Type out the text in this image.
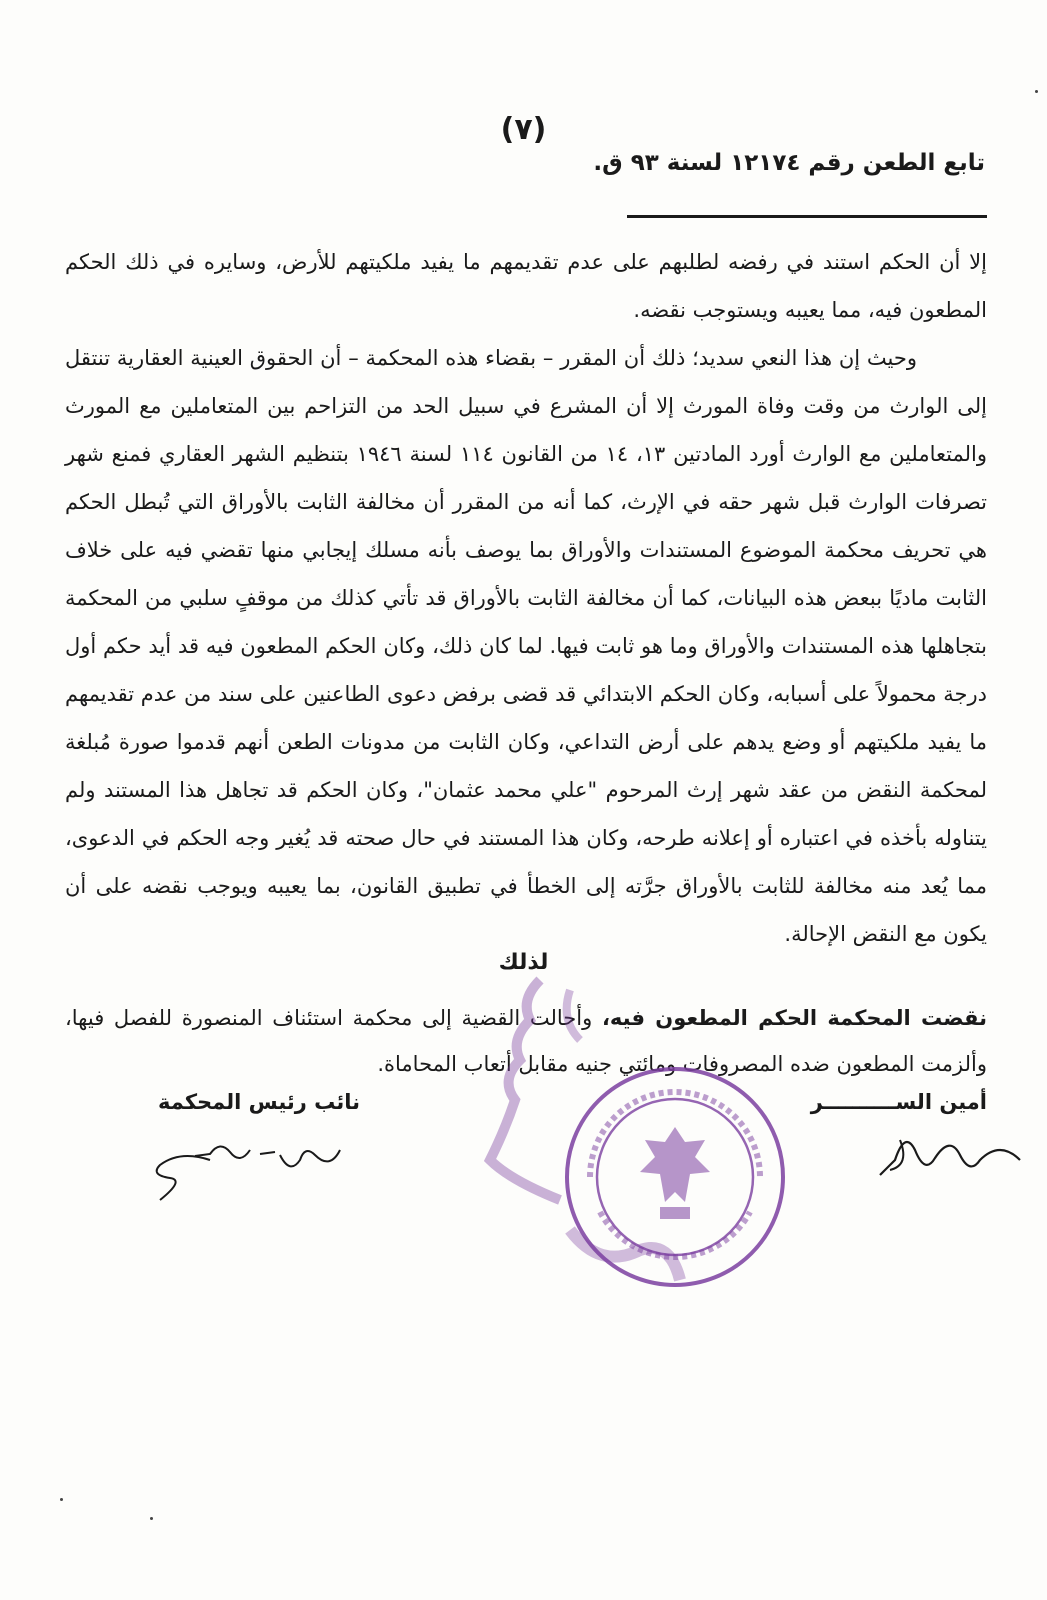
(٧)
تابع الطعن رقم ١٢١٧٤ لسنة ٩٣ ق.

إلا أن الحكم استند في رفضه لطلبهم على عدم تقديمهم ما يفيد ملكيتهم للأرض، وسايره في ذلك الحكم المطعون فيه، مما يعيبه ويستوجب نقضه.

وحيث إن هذا النعي سديد؛ ذلك أن المقرر – بقضاء هذه المحكمة – أن الحقوق العينية العقارية تنتقل إلى الوارث من وقت وفاة المورث إلا أن المشرع في سبيل الحد من التزاحم بين المتعاملين مع المورث والمتعاملين مع الوارث أورد المادتين ١٣، ١٤ من القانون ١١٤ لسنة ١٩٤٦ بتنظيم الشهر العقاري فمنع شهر تصرفات الوارث قبل شهر حقه في الإرث، كما أنه من المقرر أن مخالفة الثابت بالأوراق التي تُبطل الحكم هي تحريف محكمة الموضوع المستندات والأوراق بما يوصف بأنه مسلك إيجابي منها تقضي فيه على خلاف الثابت ماديًا ببعض هذه البيانات، كما أن مخالفة الثابت بالأوراق قد تأتي كذلك من موقفٍ سلبي من المحكمة بتجاهلها هذه المستندات والأوراق وما هو ثابت فيها. لما كان ذلك، وكان الحكم المطعون فيه قد أيد حكم أول درجة محمولاً على أسبابه، وكان الحكم الابتدائي قد قضى برفض دعوى الطاعنين على سند من عدم تقديمهم ما يفيد ملكيتهم أو وضع يدهم على أرض التداعي، وكان الثابت من مدونات الطعن أنهم قدموا صورة مُبلغة لمحكمة النقض من عقد شهر إرث المرحوم "علي محمد عثمان"، وكان الحكم قد تجاهل هذا المستند ولم يتناوله بأخذه في اعتباره أو إعلانه طرحه، وكان هذا المستند في حال صحته قد يُغير وجه الحكم في الدعوى، مما يُعد منه مخالفة للثابت بالأوراق جرَّته إلى الخطأ في تطبيق القانون، بما يعيبه ويوجب نقضه على أن يكون مع النقض الإحالة.

لذلك

نقضت المحكمة الحكم المطعون فيه، وأحالت القضية إلى محكمة استئناف المنصورة للفصل فيها، وألزمت المطعون ضده المصروفات ومائتي جنيه مقابل أتعاب المحاماة.

نائب رئيس المحكمة	أمين الســــــــــر
